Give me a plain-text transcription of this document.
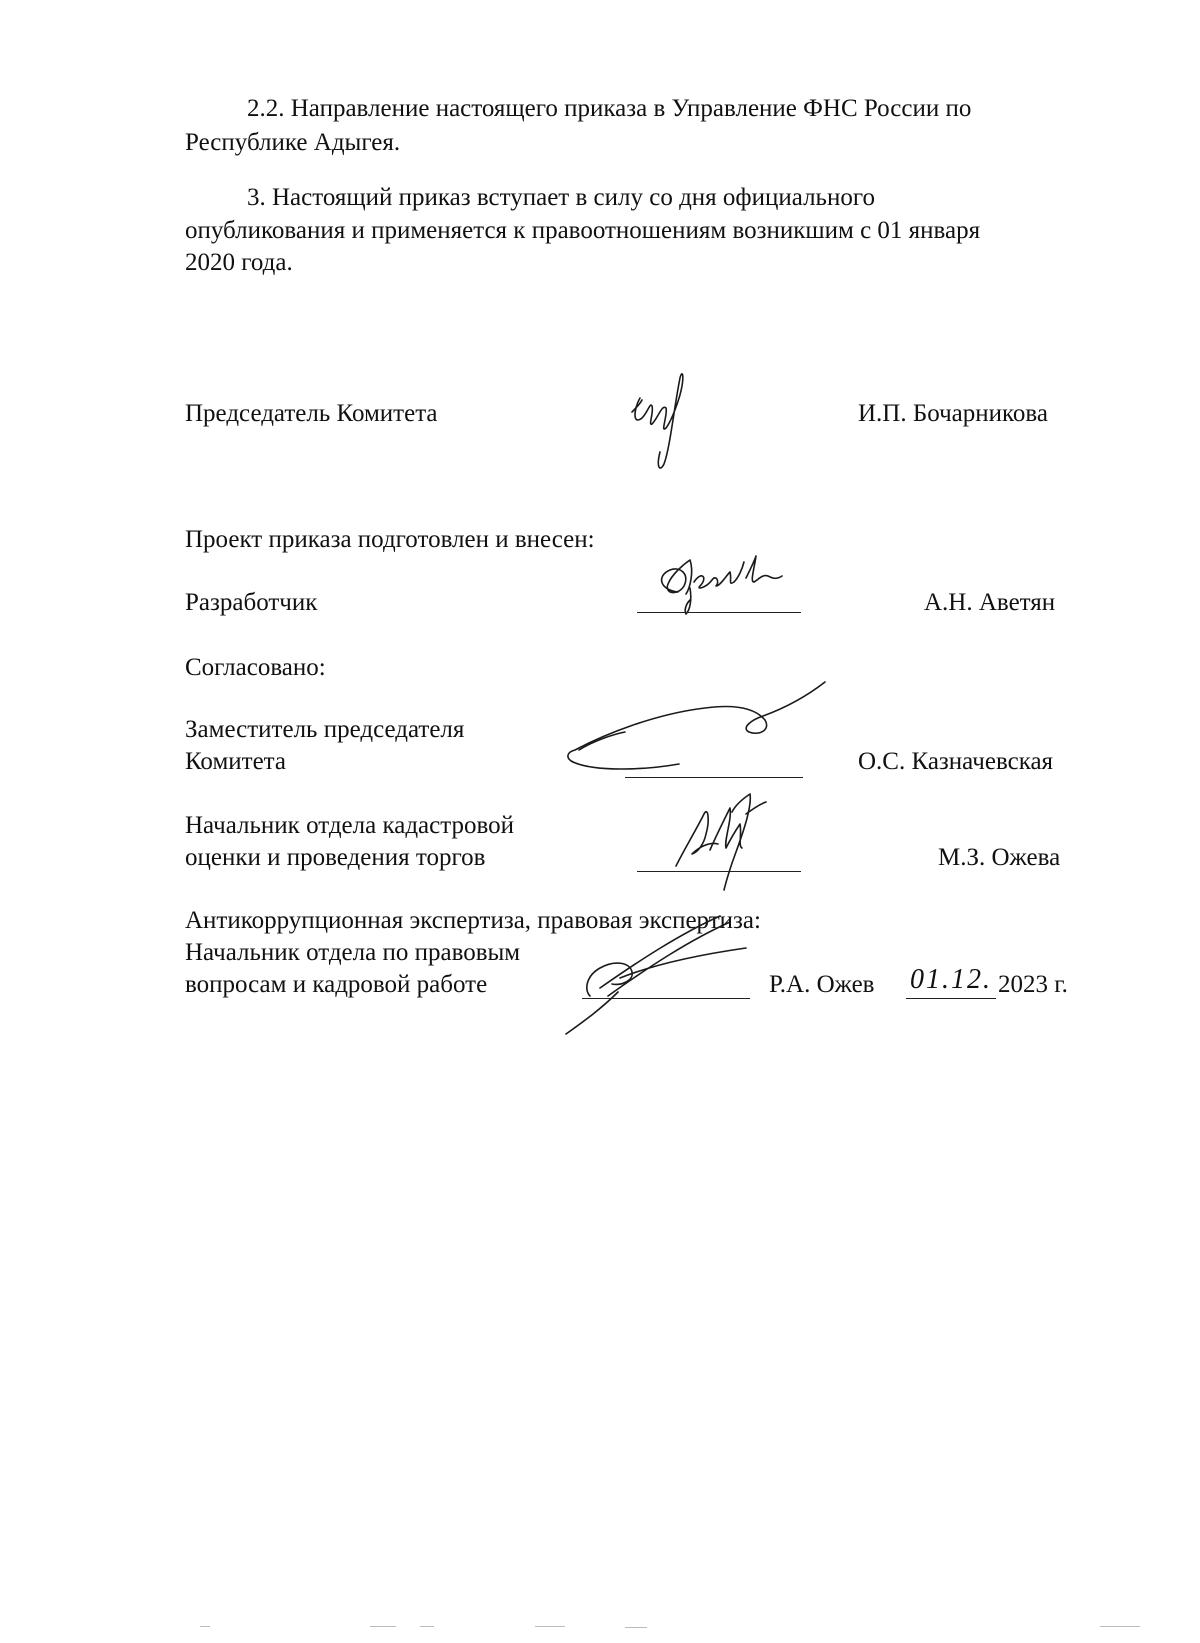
2.2. Направление настоящего приказа в Управление ФНС России по
Республике Адыгея.
3. Настоящий приказ вступает в силу со дня официального
опубликования и применяется к правоотношениям возникшим с 01 января
2020 года.
Председатель Комитета	И.П. Бочарникова
Проект приказа подготовлен и внесен:
Разработчик	А.Н. Аветян
Согласовано:
Заместитель председателя
Комитета	О.С. Казначевская
Начальник отдела кадастровой
оценки и проведения торгов	М.З. Ожева
Антикоррупционная экспертиза, правовая экспертиза:
Начальник отдела по правовым
вопросам и кадровой работе	Р.А. Ожев 01.12. 2023 г.
